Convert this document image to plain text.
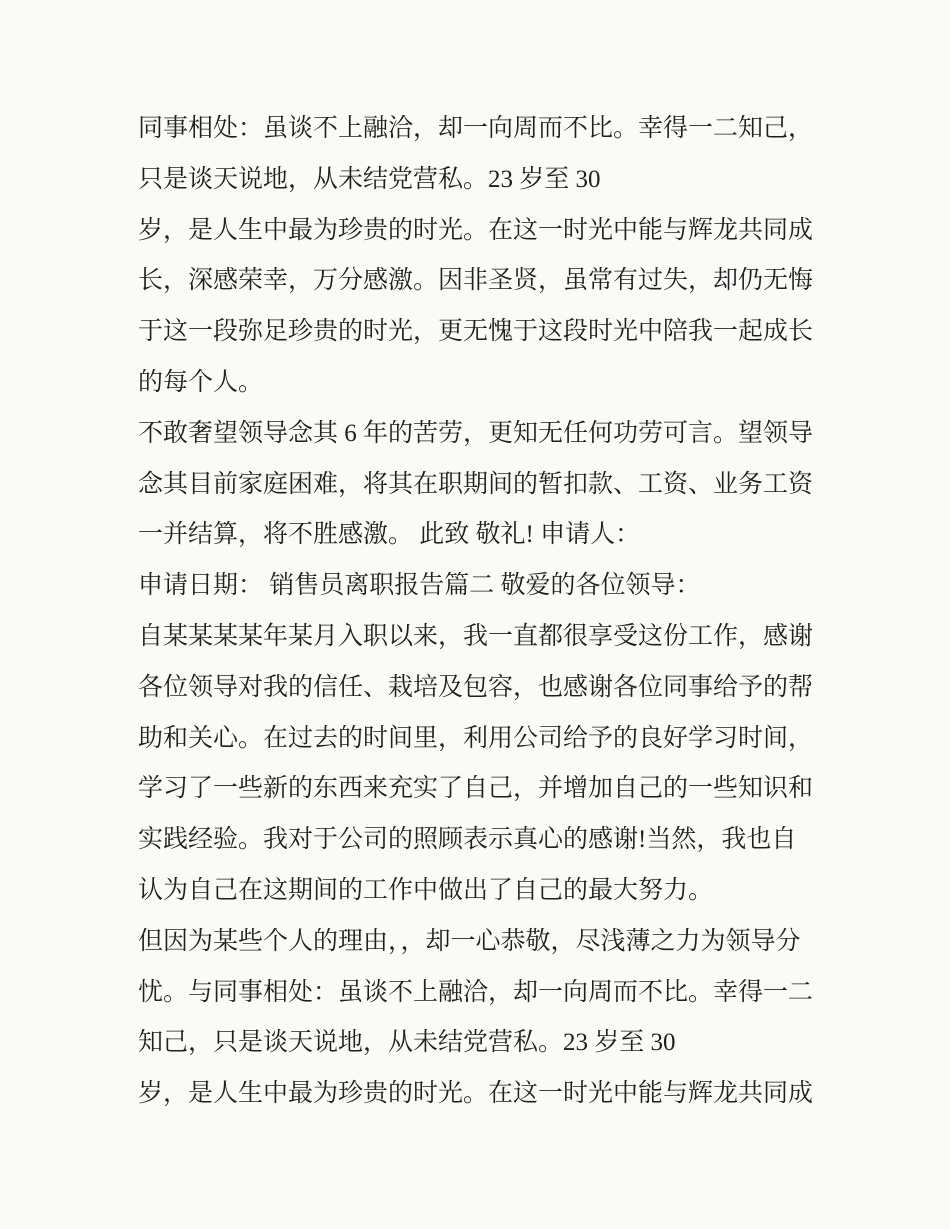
同事相处：虽谈不上融洽，却一向周而不比。幸得一二知己，
只是谈天说地，从未结党营私。23 岁至 30
岁，是人生中最为珍贵的时光。在这一时光中能与辉龙共同成
长，深感荣幸，万分感激。因非圣贤，虽常有过失，却仍无悔
于这一段弥足珍贵的时光，更无愧于这段时光中陪我一起成长
的每个人。
不敢奢望领导念其 6 年的苦劳，更知无任何功劳可言。望领导
念其目前家庭困难，将其在职期间的暂扣款、工资、业务工资
一并结算，将不胜感激。 此致 敬礼! 申请人：
申请日期： 销售员离职报告篇二 敬爱的各位领导：
自某某某某年某月入职以来，我一直都很享受这份工作，感谢
各位领导对我的信任、栽培及包容，也感谢各位同事给予的帮
助和关心。在过去的时间里，利用公司给予的良好学习时间，
学习了一些新的东西来充实了自己，并增加自己的一些知识和
实践经验。我对于公司的照顾表示真心的感谢!当然，我也自
认为自己在这期间的工作中做出了自己的最大努力。
但因为某些个人的理由，，却一心恭敬，尽浅薄之力为领导分
忧。与同事相处：虽谈不上融洽，却一向周而不比。幸得一二
知己，只是谈天说地，从未结党营私。23 岁至 30
岁，是人生中最为珍贵的时光。在这一时光中能与辉龙共同成
